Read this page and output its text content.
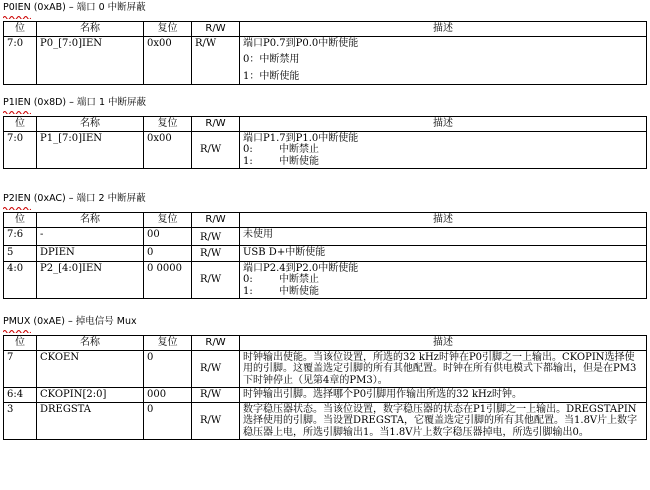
P0IEN (0xAB) – 端口 0 中断屏蔽
位	名称	复位	R/W	描述
7:0	P0_[7:0]IEN	0x00	R/W	端口P0.7到P0.0中断使能
0：中断禁用
1：中断使能
P1IEN (0x8D) – 端口 1 中断屏蔽
位	名称	复位	R/W	描述
7:0	P1_[7:0]IEN	0x00	R/W	端口P1.7到P1.0中断使能
0: 中断禁止
1: 中断使能
P2IEN (0xAC) – 端口 2 中断屏蔽
位	名称	复位	R/W	描述
7:6	-	00	R/W	未使用
5	DPIEN	0	R/W	USB D+中断使能
4:0	P2_[4:0]IEN	0 0000	R/W	端口P2.4到P2.0中断使能
0: 中断禁止
1: 中断使能
PMUX (0xAE) – 掉电信号 Mux
位	名称	复位	R/W	描述
7	CKOEN	0	R/W	时钟输出使能。当该位设置，所选的32 kHz时钟在P0引脚之一上输出。CKOPIN选择使用的引脚。这覆盖选定引脚的所有其他配置。时钟在所有供电模式下都输出，但是在PM3下时钟停止（见第4章的PM3）。
6:4	CKOPIN[2:0]	000	R/W	时钟输出引脚。选择哪个P0引脚用作输出所选的32 kHz时钟。
3	DREGSTA	0	R/W	数字稳压器状态。当该位设置，数字稳压器的状态在P1引脚之一上输出。DREGSTAPIN选择使用的引脚。当设置DREGSTA，它覆盖选定引脚的所有其他配置。当1.8V片上数字稳压器上电，所选引脚输出1。当1.8V片上数字稳压器掉电，所选引脚输出0。
